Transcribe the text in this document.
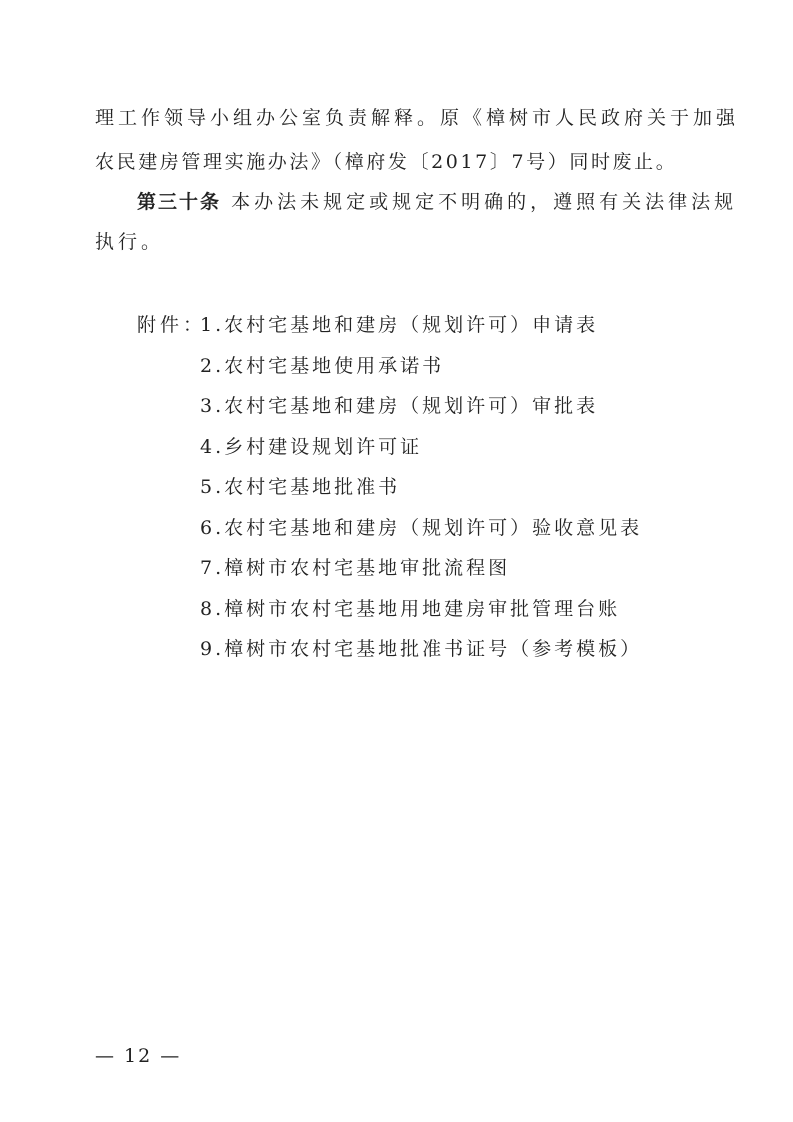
理工作领导小组办公室负责解释。原《樟树市人民政府关于加强
农民建房管理实施办法》（樟府发〔2017〕7号）同时废止。
第三十条 本办法未规定或规定不明确的，遵照有关法律法规
执行。
附件：
1.农村宅基地和建房（规划许可）申请表
2.农村宅基地使用承诺书
3.农村宅基地和建房（规划许可）审批表
4.乡村建设规划许可证
5.农村宅基地批准书
6.农村宅基地和建房（规划许可）验收意见表
7.樟树市农村宅基地审批流程图
8.樟树市农村宅基地用地建房审批管理台账
9.樟树市农村宅基地批准书证号（参考模板）
— 12 —
